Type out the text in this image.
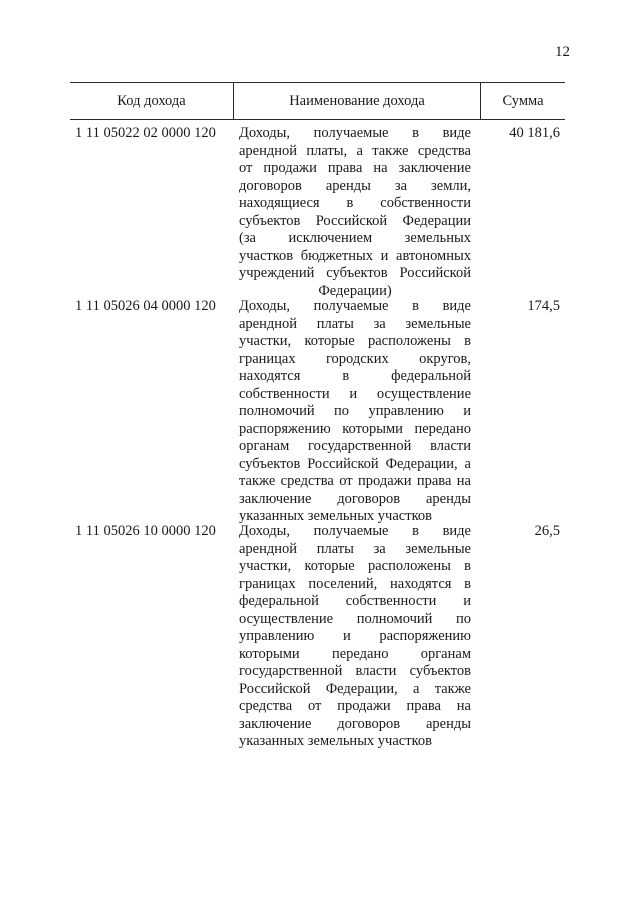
12
Код дохода	Наименование дохода	Сумма
1 11 05022 02 0000 120 Доходы, получаемые в виде
арендной платы, а также средства
от продажи права на заключение
договоров аренды за земли,
находящиеся в собственности
субъектов Российской Федерации
(за исключением земельных
участков бюджетных и автономных
учреждений субъектов Российской
Федерации)
40 181,6
1 11 05026 04 0000 120 Доходы, получаемые в виде
арендной платы за земельные
участки, которые расположены в
границах городских округов,
находятся в федеральной
собственности и осуществление
полномочий по управлению и
распоряжению которыми передано
органам государственной власти
субъектов Российской Федерации, а
также средства от продажи права на
заключение договоров аренды
указанных земельных участков
174,5
1 11 05026 10 0000 120 Доходы, получаемые в виде
арендной платы за земельные
участки, которые расположены в
границах поселений, находятся в
федеральной собственности и
осуществление полномочий по
управлению и распоряжению
которыми передано органам
государственной власти субъектов
Российской Федерации, а также
средства от продажи права на
заключение договоров аренды
указанных земельных участков
26,5
